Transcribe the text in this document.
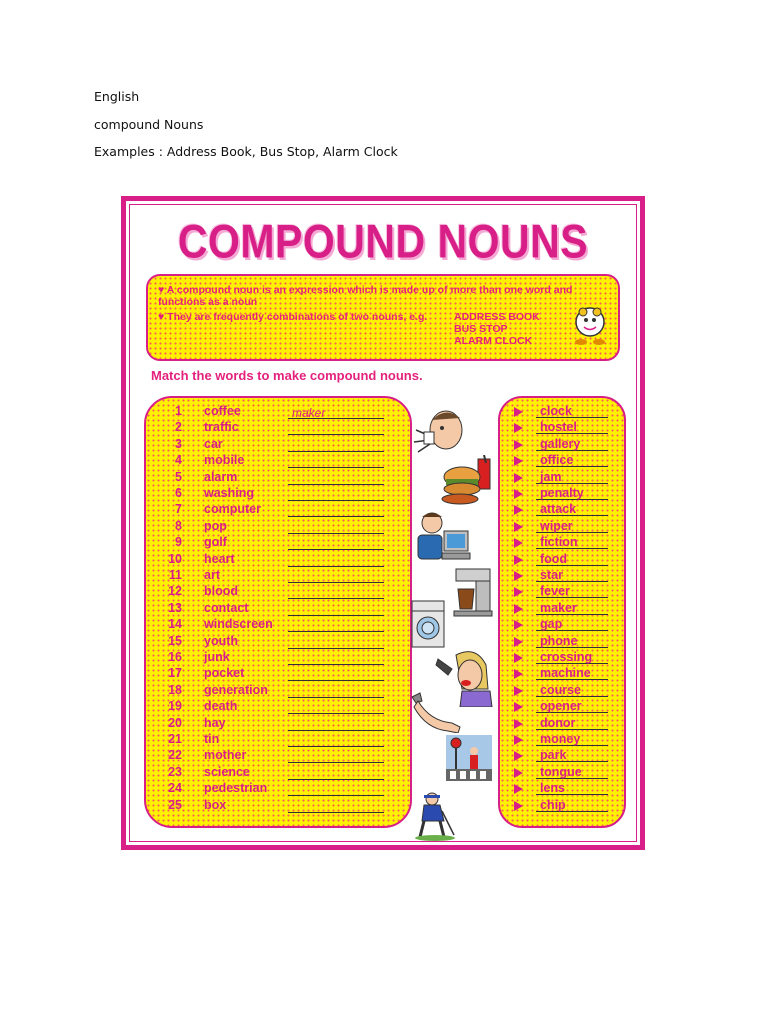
English
compound Nouns
Examples : Address Book, Bus Stop, Alarm Clock
COMPOUND NOUNS
♥ A compound noun is an expression which is made up of more than one word and
functions as a noun
♥ They are frequently combinations of two nouns, e.g.	ADDRESS BOOK
BUS STOP
ALARM CLOCK
Match the words to make compound nouns.
1 coffee	maker
2 traffic
3 car
4 mobile
5 alarm
6 washing
7 computer
8 pop
9 golf
10 heart
11 art
12 blood
13 contact
14 windscreen
15 youth
16 junk
17 pocket
18 generation
19 death
20 hay
21 tin
22 mother
23 science
24 pedestrian
25 box
clock
hostel
gallery
office
jam
penalty
attack
wiper
fiction
food
star
fever
maker
gap
phone
crossing
machine
course
opener
donor
money
park
tongue
lens
chip
